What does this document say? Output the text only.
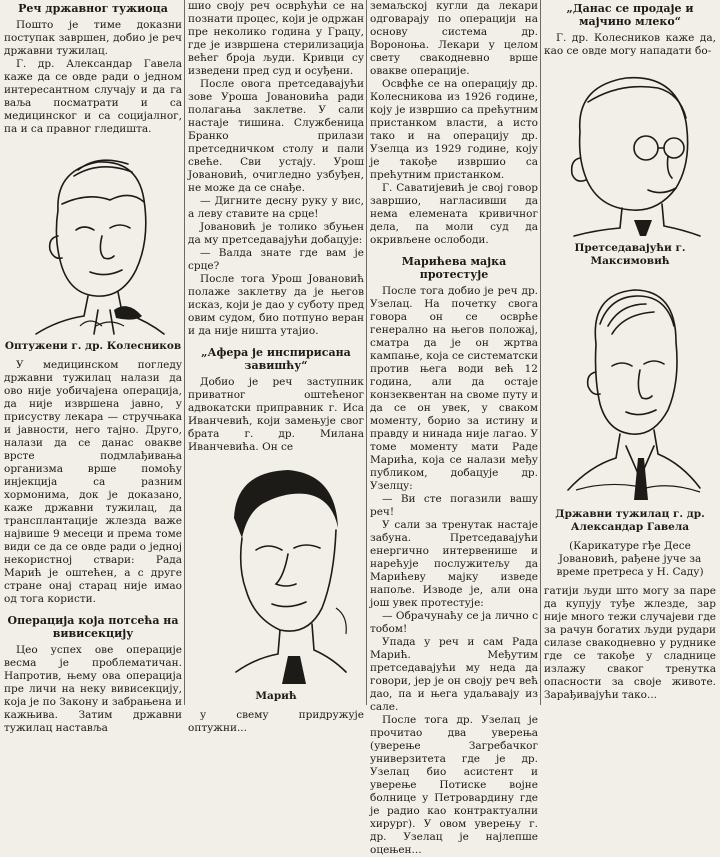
Реч државног тужиоца

Пошто је тиме доказни поступак завршен, добио је реч државни тужилац.

Г. др. Александар Гавела каже да се овде ради о једном интересантном случају и да га ваља посматрати и са медицинског и са социјалног, па и са правног гледишта.

Оптужени г. др. Колесников

У медицинском погледу државни тужилац налази да ово није уобичајена операција, да није извршена јавно, у присуству лекара — стручњака и јавности, него тајно. Другo, налази да се данас овакве врсте подмлађивања организма врше помоћу инјекција са разним хормонима, док је доказано, каже државни тужилац, да трансплантације жлезда важе највише 9 месеци и према томе види се да се овде ради о једној некористној ствари: Рада Марић је оштећен, а с друге стране онај старац није имао од тога користи.

Операција која потсећа на вивисекцију

Цео успех ове операције весма је проблематичан. Напротив, њему ова операција пре личи на неку вивисекцију, која је по Закону и забрањена и кажњива. Затим државни тужилац наставља

шио своју реч осврћући се на познати процес, који је одржан пре неколико година у Грацу, где је извршена стерилизација већег броја људи. Кривци су изведени пред суд и осуђени.

После овога претседавајући зове Уроша Јовановића ради полагања заклетве. У сали настаје тишина. Службеница Бранко прилази претседничком столу и пали свеће. Сви устају. Урош Јовановић, очигледно узбуђен, не може да се снађе.

— Дигните десну руку у вис, а леву ставите на срце!

Јовановић је толико збуњен да му претседавајући добацује:

— Валда знате где вам је срце?

После тога Урош Јовановић полаже заклетву да је његов исказ, који је дао у суботу пред овим судом, био потпуно веран и да није ништа утајио.

„Афера је инспирисана завишћу“

Добио је реч заступник приватног оштећеног адвокатски приправник г. Иса Иванчевић, који замењује свог брата г. др. Милана Иванчевића. Он се

Марић

у свему придружује оптужни...

земаљској кугли да лекари одговарају по операцији на основу система др. Вороноња. Лекари у целом свету свакодневно врше овакве операције.

Освфће се на операцију др. Колесникова из 1926 године, коју је извршио са прећутним пристанком власти, а исто тако и на операцију др. Узелца из 1929 године, коју је такође извршио са прећутним пристанком.

Г. Саватијевић је свој говор завршио, нагласивши да нема елемената кривичног дела, па моли суд да окривљене ослободи.

Марићева мајка протестује

После тога добио је реч др. Узелац. На почетку свога говора он се осврће генерално на његов положај, сматра да је он жртва кампање, која се систематски против њега води већ 12 година, али да остаје конзеквентан на своме путу и да се он увек, у сваком моменту, борио за истину и правду и нинада није лагао. У томе моменту мати Раде Марића, која се налази међу публиком, добацује др. Узелцу:

— Ви сте погазили вашу реч!

У сали за тренутак настаје забуна. Претседавајући енергично интервенише и нарећује послужитељу да Марићеву мајку изведе напоље. Изводе је, али она још увек протестује:

— Обрачунаћу се ја лично с тобом!

Упада у реч и сам Рада Марић. Међутим претседавајући му неда да говори, јер је он своју реч већ дао, па и њега удаљавају из сале.

После тога др. Узелац је прочитао два уверења (уверење Загребачког универзитета где је др. Узелац био асистент и уверење Потиске војне болнице у Петровардину где је радио као контрактуални хирург). У овом уверењу г. др. Узелац је најлепше оцењен...

„Данас се продаје и мајчино млеко“

Г. др. Колесников каже да, као се овде могу нападати бо-

Претседавајући г. Максимовић
Државни тужилац г. др. Александар Гавела
(Карикатуре гђе Десе Јовановић, рађене јуче за време претреса у Н. Саду)

гатији људи што могу за паре да купују туђе жлезде, зар није много тежи случајеви где за рачун богатих људи рудари силазе свакодневно у руднике где се такође у сладнице излажу сваког тренутка опасности за своје животе. Зарађивајући тако...
